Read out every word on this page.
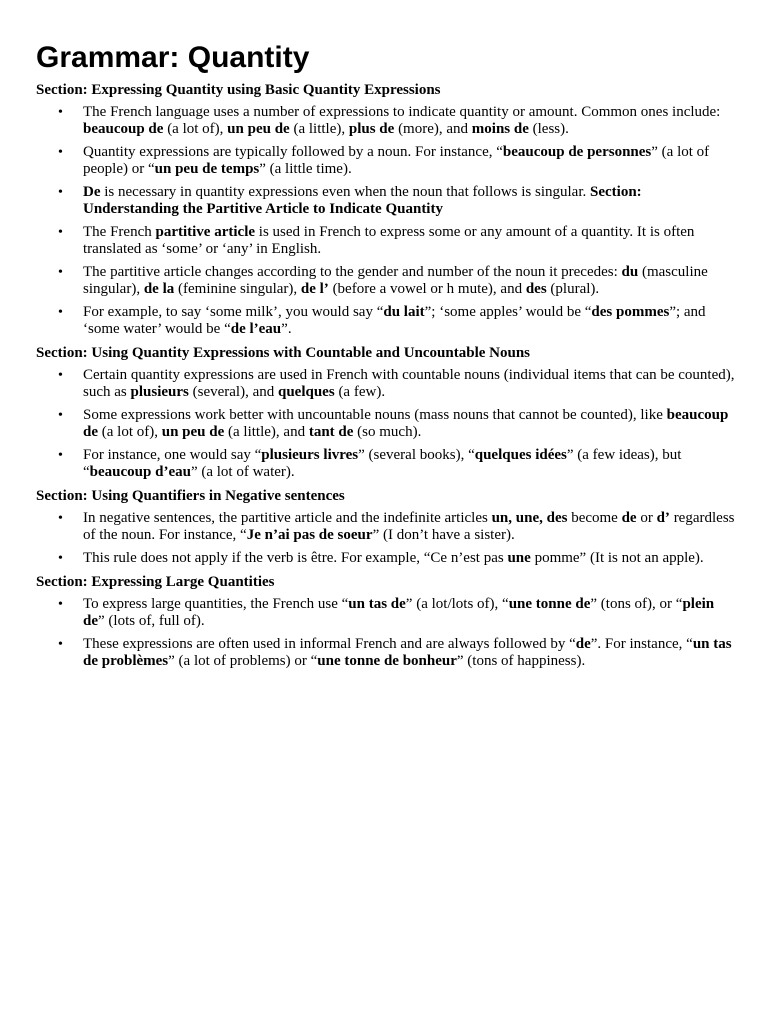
Grammar: Quantity
Section: Expressing Quantity using Basic Quantity Expressions
• The French language uses a number of expressions to indicate quantity or amount. Common ones include: beaucoup de (a lot of), un peu de (a little), plus de (more), and moins de (less).
• Quantity expressions are typically followed by a noun. For instance, “beaucoup de personnes” (a lot of people) or “un peu de temps” (a little time).
• De is necessary in quantity expressions even when the noun that follows is singular. Section: Understanding the Partitive Article to Indicate Quantity
• The French partitive article is used in French to express some or any amount of a quantity. It is often translated as ‘some’ or ‘any’ in English.
• The partitive article changes according to the gender and number of the noun it precedes: du (masculine singular), de la (feminine singular), de l’ (before a vowel or h mute), and des (plural).
• For example, to say ‘some milk’, you would say “du lait”; ‘some apples’ would be “des pommes”; and ‘some water’ would be “de l’eau”.
Section: Using Quantity Expressions with Countable and Uncountable Nouns
• Certain quantity expressions are used in French with countable nouns (individual items that can be counted), such as plusieurs (several), and quelques (a few).
• Some expressions work better with uncountable nouns (mass nouns that cannot be counted), like beaucoup de (a lot of), un peu de (a little), and tant de (so much).
• For instance, one would say “plusieurs livres” (several books), “quelques idées” (a few ideas), but “beaucoup d’eau” (a lot of water).
Section: Using Quantifiers in Negative sentences
• In negative sentences, the partitive article and the indefinite articles un, une, des become de or d’ regardless of the noun. For instance, “Je n’ai pas de soeur” (I don’t have a sister).
• This rule does not apply if the verb is être. For example, “Ce n’est pas une pomme” (It is not an apple).
Section: Expressing Large Quantities
• To express large quantities, the French use “un tas de” (a lot/lots of), “une tonne de” (tons of), or “plein de” (lots of, full of).
• These expressions are often used in informal French and are always followed by “de”. For instance, “un tas de problèmes” (a lot of problems) or “une tonne de bonheur” (tons of happiness).
